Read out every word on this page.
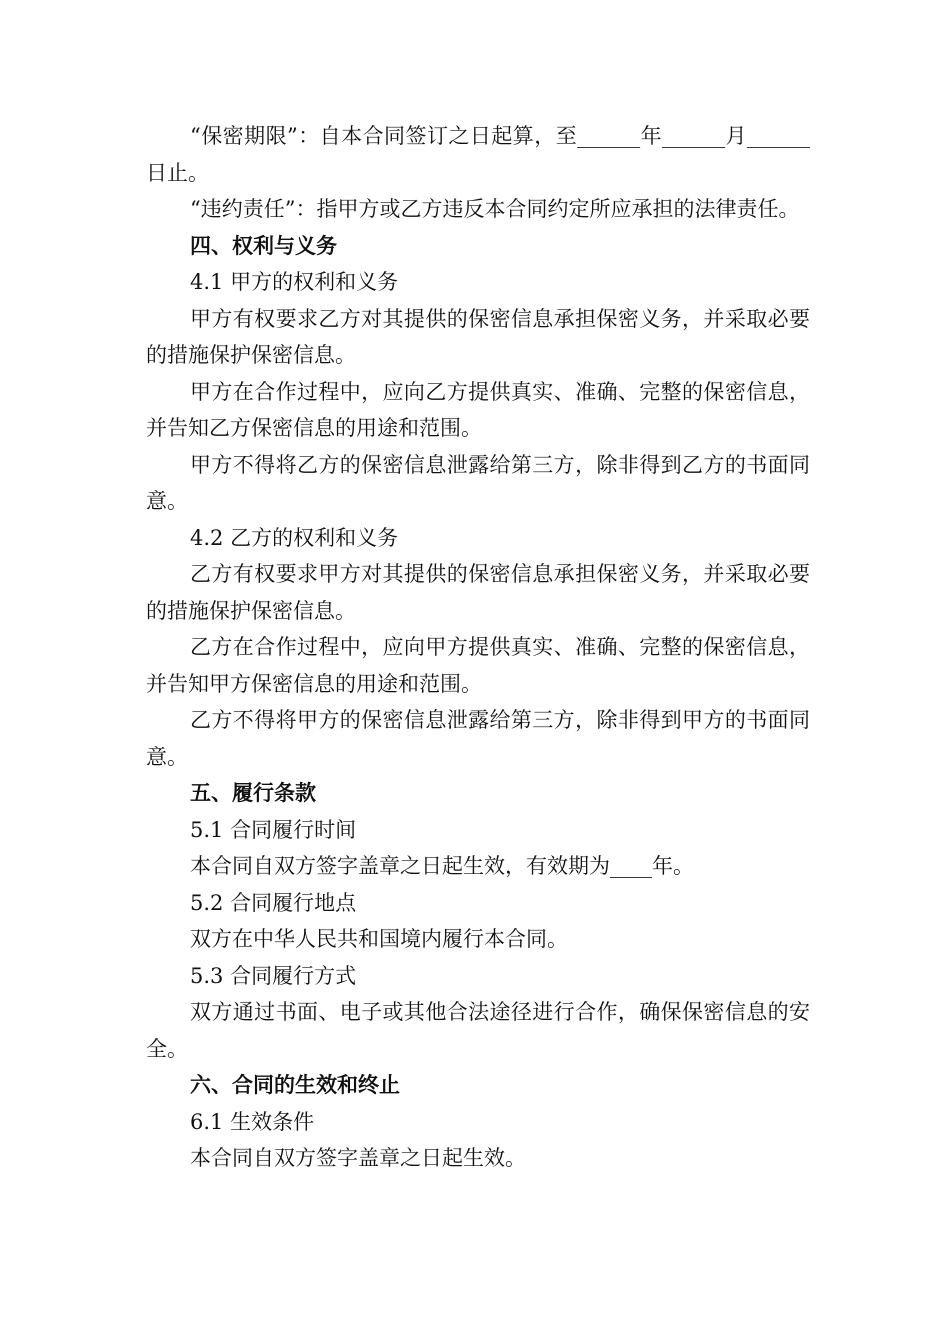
“保密期限”：自本合同签订之日起算，至______年______月______日止。

“违约责任”：指甲方或乙方违反本合同约定所应承担的法律责任。

四、权利与义务

4.1 甲方的权利和义务

甲方有权要求乙方对其提供的保密信息承担保密义务，并采取必要的措施保护保密信息。

甲方在合作过程中，应向乙方提供真实、准确、完整的保密信息，并告知乙方保密信息的用途和范围。

甲方不得将乙方的保密信息泄露给第三方，除非得到乙方的书面同意。

4.2 乙方的权利和义务

乙方有权要求甲方对其提供的保密信息承担保密义务，并采取必要的措施保护保密信息。

乙方在合作过程中，应向甲方提供真实、准确、完整的保密信息，并告知甲方保密信息的用途和范围。

乙方不得将甲方的保密信息泄露给第三方，除非得到甲方的书面同意。

五、履行条款

5.1 合同履行时间

本合同自双方签字盖章之日起生效，有效期为____年。

5.2 合同履行地点

双方在中华人民共和国境内履行本合同。

5.3 合同履行方式

双方通过书面、电子或其他合法途径进行合作，确保保密信息的安全。

六、合同的生效和终止

6.1 生效条件

本合同自双方签字盖章之日起生效。
